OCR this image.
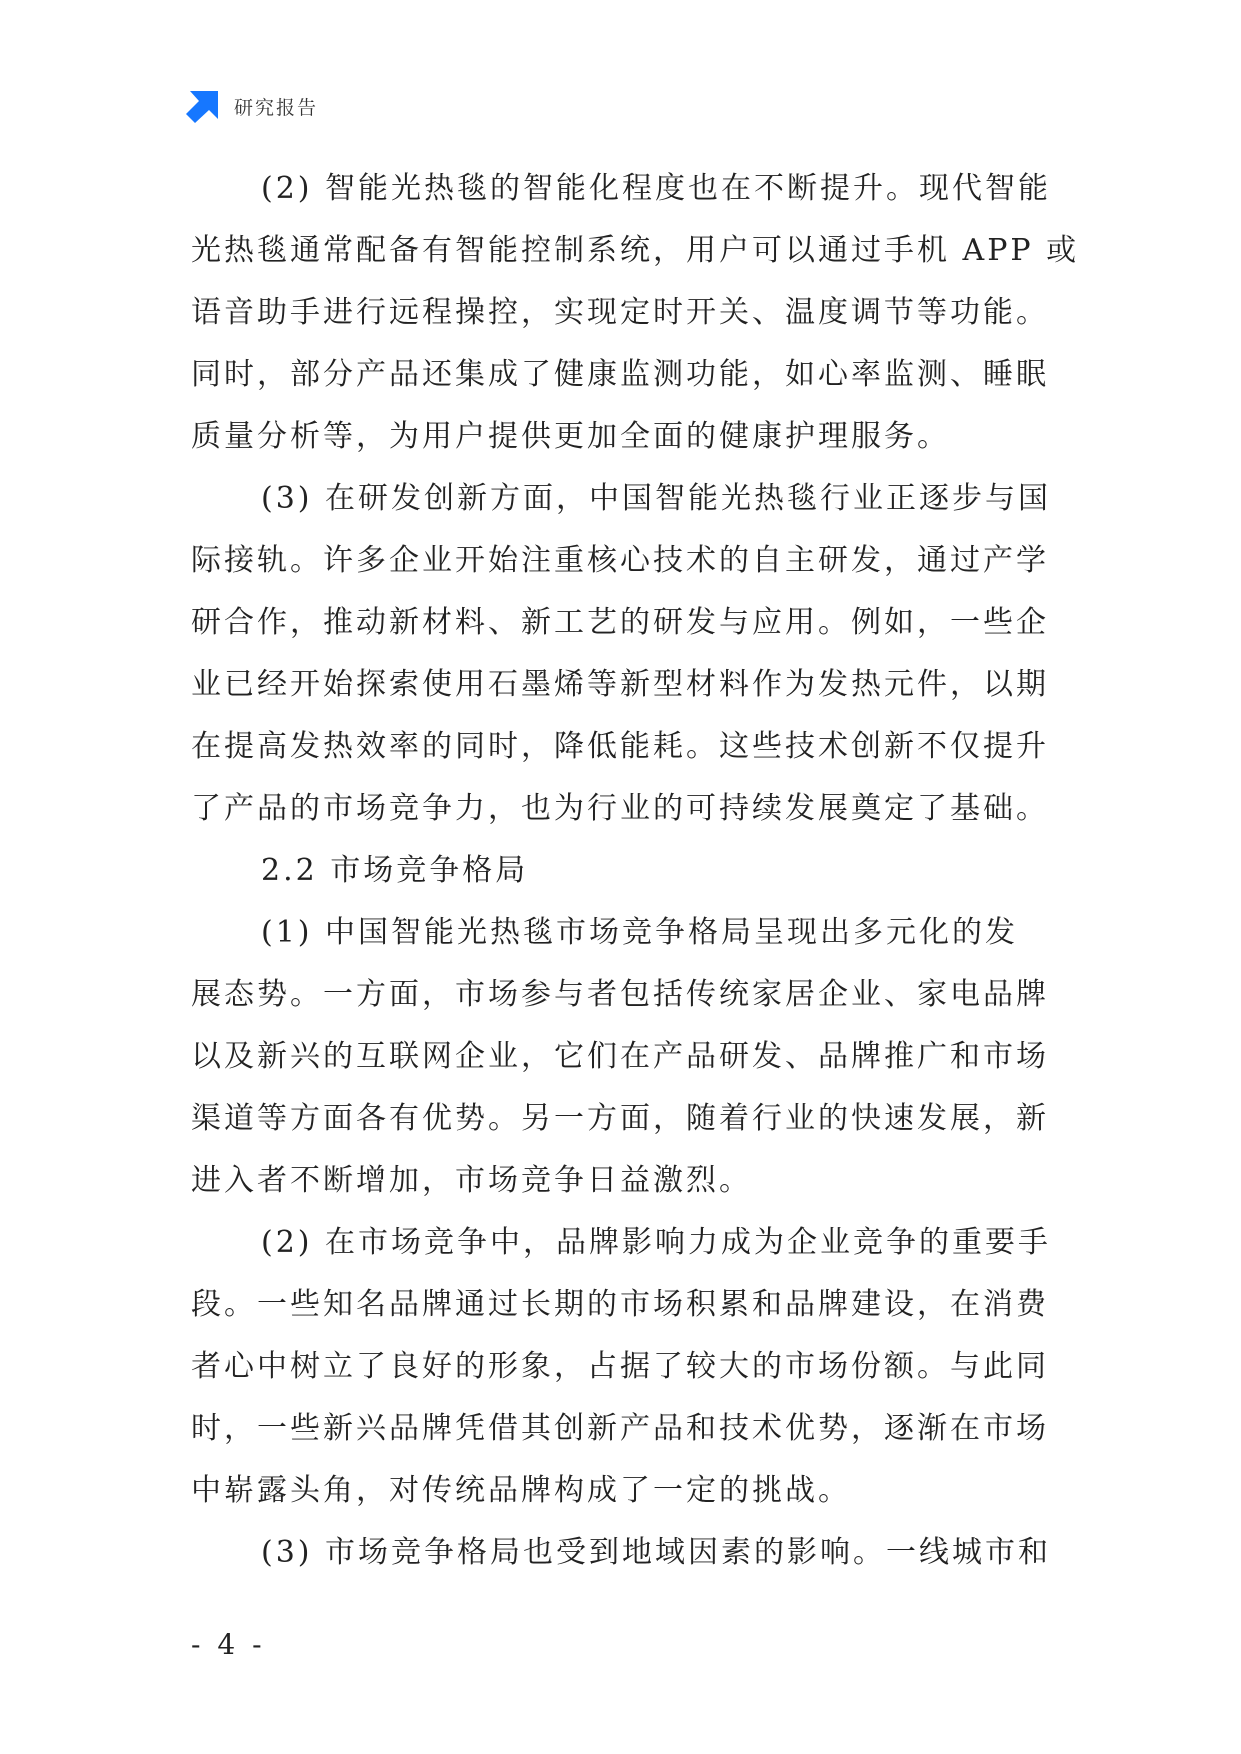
研究报告
(2) 智能光热毯的智能化程度也在不断提升。现代智能
光热毯通常配备有智能控制系统，用户可以通过手机 APP 或
语音助手进行远程操控，实现定时开关、温度调节等功能。
同时，部分产品还集成了健康监测功能，如心率监测、睡眠
质量分析等，为用户提供更加全面的健康护理服务。
(3) 在研发创新方面，中国智能光热毯行业正逐步与国
际接轨。许多企业开始注重核心技术的自主研发，通过产学
研合作，推动新材料、新工艺的研发与应用。例如，一些企
业已经开始探索使用石墨烯等新型材料作为发热元件，以期
在提高发热效率的同时，降低能耗。这些技术创新不仅提升
了产品的市场竞争力，也为行业的可持续发展奠定了基础。
2.2 市场竞争格局
(1) 中国智能光热毯市场竞争格局呈现出多元化的发
展态势。一方面，市场参与者包括传统家居企业、家电品牌
以及新兴的互联网企业，它们在产品研发、品牌推广和市场
渠道等方面各有优势。另一方面，随着行业的快速发展，新
进入者不断增加，市场竞争日益激烈。
(2) 在市场竞争中，品牌影响力成为企业竞争的重要手
段。一些知名品牌通过长期的市场积累和品牌建设，在消费
者心中树立了良好的形象，占据了较大的市场份额。与此同
时，一些新兴品牌凭借其创新产品和技术优势，逐渐在市场
中崭露头角，对传统品牌构成了一定的挑战。
(3) 市场竞争格局也受到地域因素的影响。一线城市和
- 4 -
